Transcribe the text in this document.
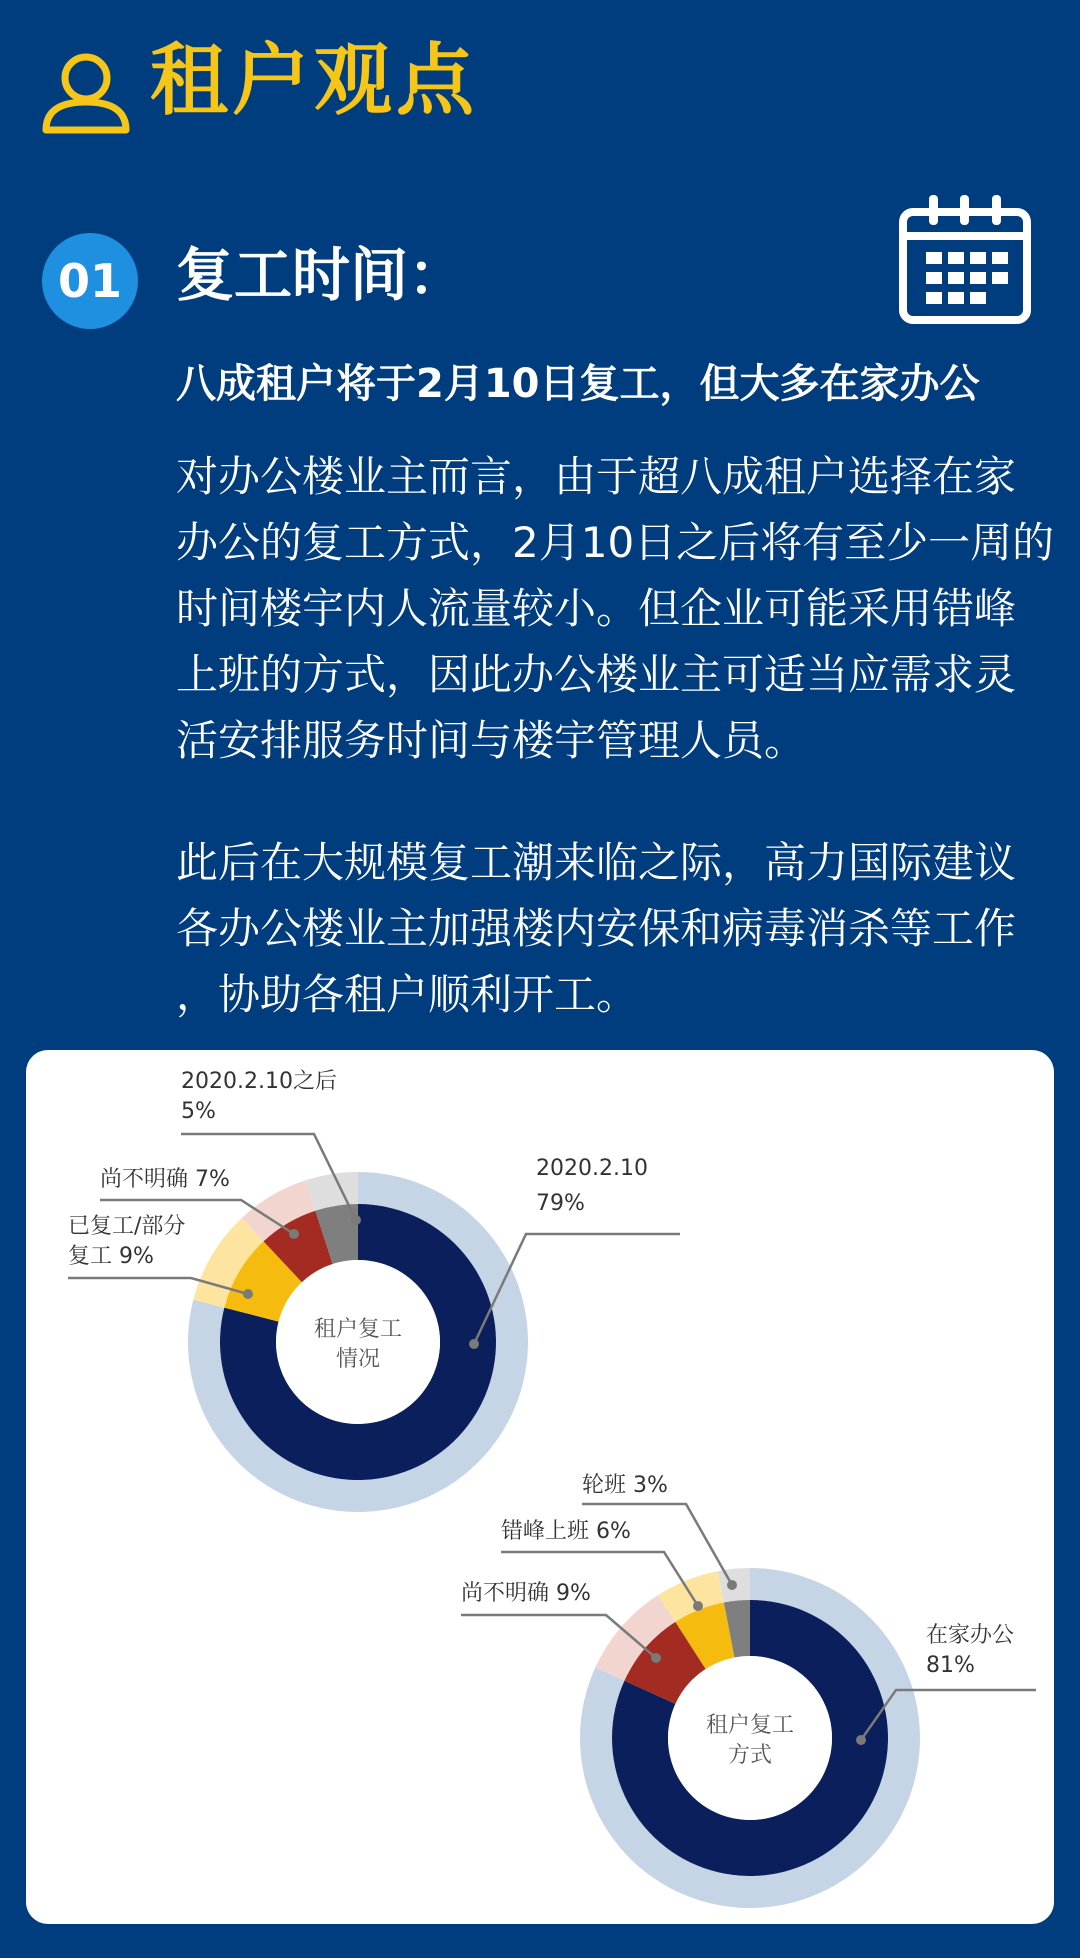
租户观点
01 复工时间：
八成租户将于2月10日复工，但大多在家办公

对办公楼业主而言，由于超八成租户选择在家
办公的复工方式，2月10日之后将有至少一周的
时间楼宇内人流量较小。但企业可能采用错峰
上班的方式，因此办公楼业主可适当应需求灵
活安排服务时间与楼宇管理人员。

此后在大规模复工潮来临之际，高力国际建议
各办公楼业主加强楼内安保和病毒消杀等工作
，协助各租户顺利开工。

租户复工
情况
2020.2.10
79%
已复工/部分
复工 9%
尚不明确 7%
2020.2.10之后
5%
租户复工
方式
在家办公
81%
尚不明确 9%
错峰上班 6%
轮班 3%
